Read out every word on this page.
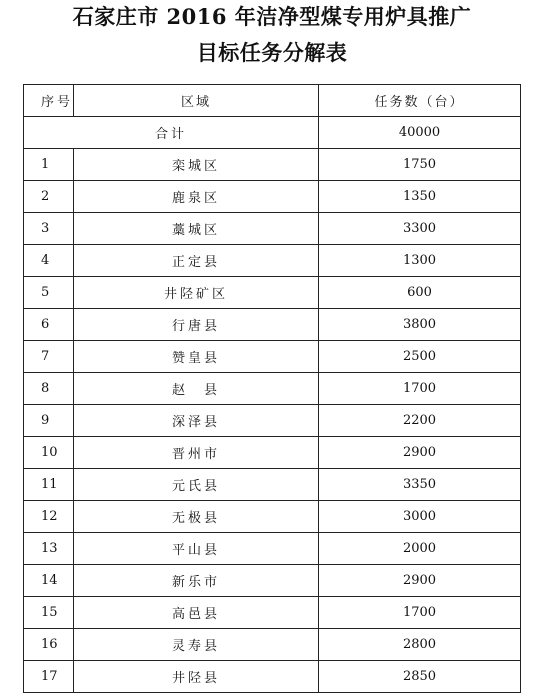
石家庄市 2016 年洁净型煤专用炉具推广
目标任务分解表
序号	区域	任务数（台）
合计		40000
1	栾城区	1750
2	鹿泉区	1350
3	藁城区	3300
4	正定县	1300
5	井陉矿区	600
6	行唐县	3800
7	赞皇县	2500
8	赵　县	1700
9	深泽县	2200
10	晋州市	2900
11	元氏县	3350
12	无极县	3000
13	平山县	2000
14	新乐市	2900
15	高邑县	1700
16	灵寿县	2800
17	井陉县	2850
